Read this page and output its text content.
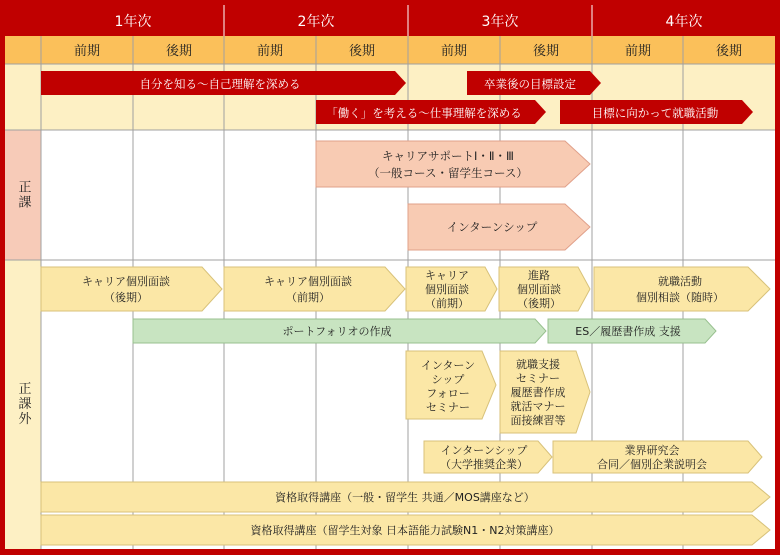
1年次	2年次	3年次	4年次
前期	後期	前期	後期	前期	後期	前期	後期
正課
正課外
自分を知る～自己理解を深める	卒業後の目標設定
「働く」を考える～仕事理解を深める	目標に向かって就職活動
キャリアサポートⅠ・Ⅱ・Ⅲ
（一般コース・留学生コース）
インターンシップ
キャリア個別面談
（後期）
キャリア個別面談
（前期）
キャリア
個別面談
（前期）
進路
個別面談
（後期）
就職活動
個別相談（随時）
ポートフォリオの作成	ES／履歴書作成 支援
インターン
シップ
フォロー
セミナー
就職支援
セミナー
履歴書作成
就活マナー
面接練習等
インターンシップ
（大学推奨企業）
業界研究会
合同／個別企業説明会
資格取得講座（一般・留学生 共通／MOS講座など）
資格取得講座（留学生対象 日本語能力試験N1・N2対策講座）
